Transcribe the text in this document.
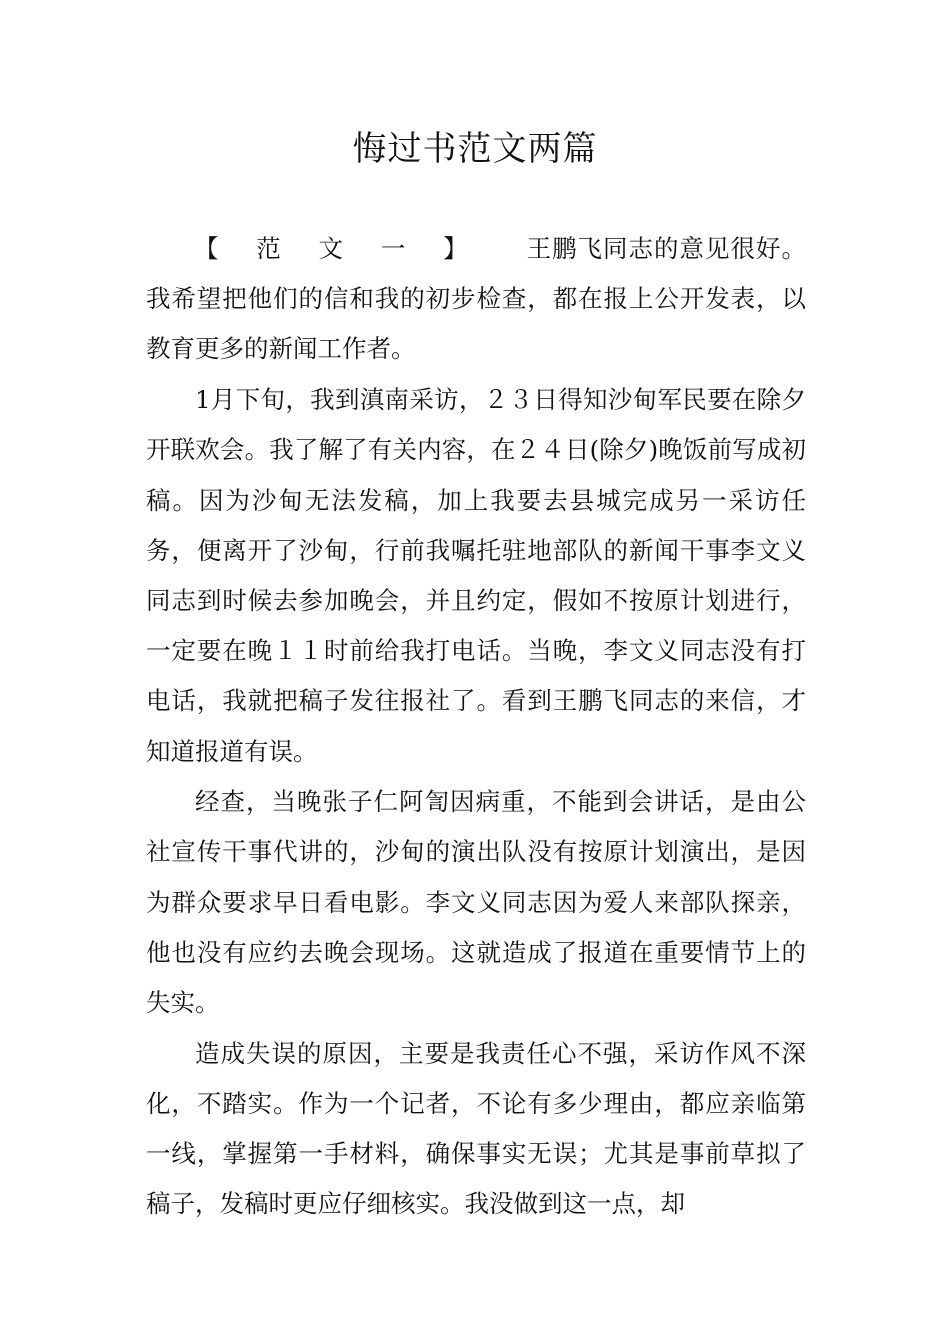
悔过书范文两篇

【 范 文 一 】 王鹏飞同志的意见很好。我希望把他们的信和我的初步检查，都在报上公开发表，以教育更多的新闻工作者。

1月下旬，我到滇南采访，２３日得知沙甸军民要在除夕开联欢会。我了解了有关内容，在２４日(除夕)晚饭前写成初稿。因为沙甸无法发稿，加上我要去县城完成另一采访任务，便离开了沙甸，行前我嘱托驻地部队的新闻干事李文义同志到时候去参加晚会，并且约定，假如不按原计划进行，一定要在晚１１时前给我打电话。当晚，李文义同志没有打电话，我就把稿子发往报社了。看到王鹏飞同志的来信，才知道报道有误。

经查，当晚张子仁阿訇因病重，不能到会讲话，是由公社宣传干事代讲的，沙甸的演出队没有按原计划演出，是因为群众要求早日看电影。李文义同志因为爱人来部队探亲，他也没有应约去晚会现场。这就造成了报道在重要情节上的失实。

造成失误的原因，主要是我责任心不强，采访作风不深化，不踏实。作为一个记者，不论有多少理由，都应亲临第一线，掌握第一手材料，确保事实无误；尤其是事前草拟了稿子，发稿时更应仔细核实。我没做到这一点，却
